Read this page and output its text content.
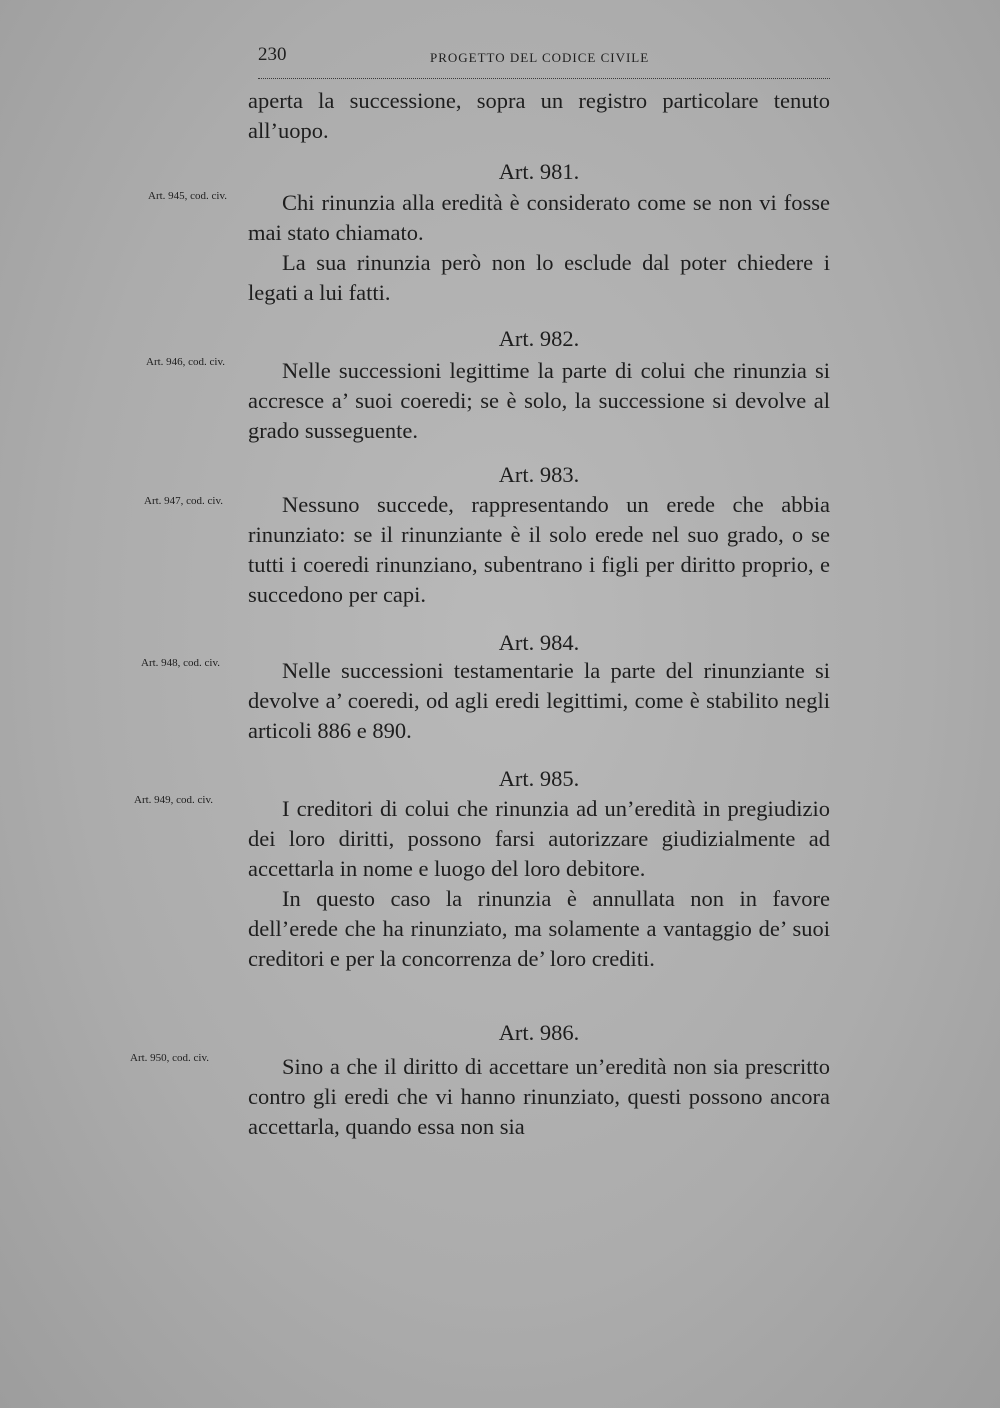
230	PROGETTO DEL CODICE CIVILE

aperta la successione, sopra un registro particolare tenuto all’uopo.

Art. 981.
Art. 945, cod. civ.	Chi rinunzia alla eredità è considerato come se non vi fosse mai stato chiamato.

La sua rinunzia però non lo esclude dal poter chiedere i legati a lui fatti.

Art. 982.
Art. 946, cod. civ.	Nelle successioni legittime la parte di colui che rinunzia si accresce a’ suoi coeredi; se è solo, la successione si devolve al grado susseguente.

Art. 983.
Art. 947, cod. civ.	Nessuno succede, rappresentando un erede che abbia rinunziato: se il rinunziante è il solo erede nel suo grado, o se tutti i coeredi rinunziano, subentrano i figli per diritto proprio, e succedono per capi.

Art. 984.
Art. 948, cod. civ.	Nelle successioni testamentarie la parte del rinunziante si devolve a’ coeredi, od agli eredi legittimi, come è stabilito negli articoli 886 e 890.

Art. 985.
Art. 949, cod. civ.	I creditori di colui che rinunzia ad un’eredità in pregiudizio dei loro diritti, possono farsi autorizzare giudizialmente ad accettarla in nome e luogo del loro debitore.

In questo caso la rinunzia è annullata non in favore dell’erede che ha rinunziato, ma solamente a vantaggio de’ suoi creditori e per la concorrenza de’ loro crediti.

Art. 986.
Art. 950, cod. civ.	Sino a che il diritto di accettare un’eredità non sia prescritto contro gli eredi che vi hanno rinunziato, questi possono ancora accettarla, quando essa non sia
